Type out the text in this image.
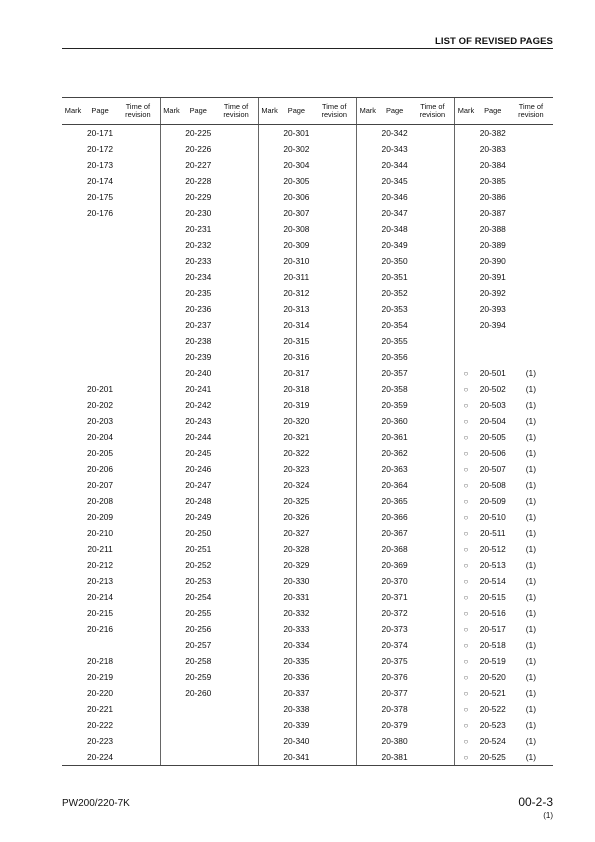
LIST OF REVISED PAGES
Mark	Page	Time of
revision	Mark	Page	Time of
revision	Mark	Page	Time of
revision	Mark	Page	Time of
revision	Mark	Page	Time of
revision
	20-171			20-225			20-301			20-342			20-382	
	20-172			20-226			20-302			20-343			20-383	
	20-173			20-227			20-304			20-344			20-384	
	20-174			20-228			20-305			20-345			20-385	
	20-175			20-229			20-306			20-346			20-386	
	20-176			20-230			20-307			20-347			20-387	
				20-231			20-308			20-348			20-388	
				20-232			20-309			20-349			20-389	
				20-233			20-310			20-350			20-390	
				20-234			20-311			20-351			20-391	
				20-235			20-312			20-352			20-392	
				20-236			20-313			20-353			20-393	
				20-237			20-314			20-354			20-394	
				20-238			20-315			20-355				
				20-239			20-316			20-356				
				20-240			20-317			20-357		○	20-501	(1)
	20-201			20-241			20-318			20-358		○	20-502	(1)
	20-202			20-242			20-319			20-359		○	20-503	(1)
	20-203			20-243			20-320			20-360		○	20-504	(1)
	20-204			20-244			20-321			20-361		○	20-505	(1)
	20-205			20-245			20-322			20-362		○	20-506	(1)
	20-206			20-246			20-323			20-363		○	20-507	(1)
	20-207			20-247			20-324			20-364		○	20-508	(1)
	20-208			20-248			20-325			20-365		○	20-509	(1)
	20-209			20-249			20-326			20-366		○	20-510	(1)
	20-210			20-250			20-327			20-367		○	20-511	(1)
	20-211			20-251			20-328			20-368		○	20-512	(1)
	20-212			20-252			20-329			20-369		○	20-513	(1)
	20-213			20-253			20-330			20-370		○	20-514	(1)
	20-214			20-254			20-331			20-371		○	20-515	(1)
	20-215			20-255			20-332			20-372		○	20-516	(1)
	20-216			20-256			20-333			20-373		○	20-517	(1)
				20-257			20-334			20-374		○	20-518	(1)
	20-218			20-258			20-335			20-375		○	20-519	(1)
	20-219			20-259			20-336			20-376		○	20-520	(1)
	20-220			20-260			20-337			20-377		○	20-521	(1)
	20-221						20-338			20-378		○	20-522	(1)
	20-222						20-339			20-379		○	20-523	(1)
	20-223						20-340			20-380		○	20-524	(1)
	20-224						20-341			20-381		○	20-525	(1)
PW200/220-7K	00-2-3
(1)
